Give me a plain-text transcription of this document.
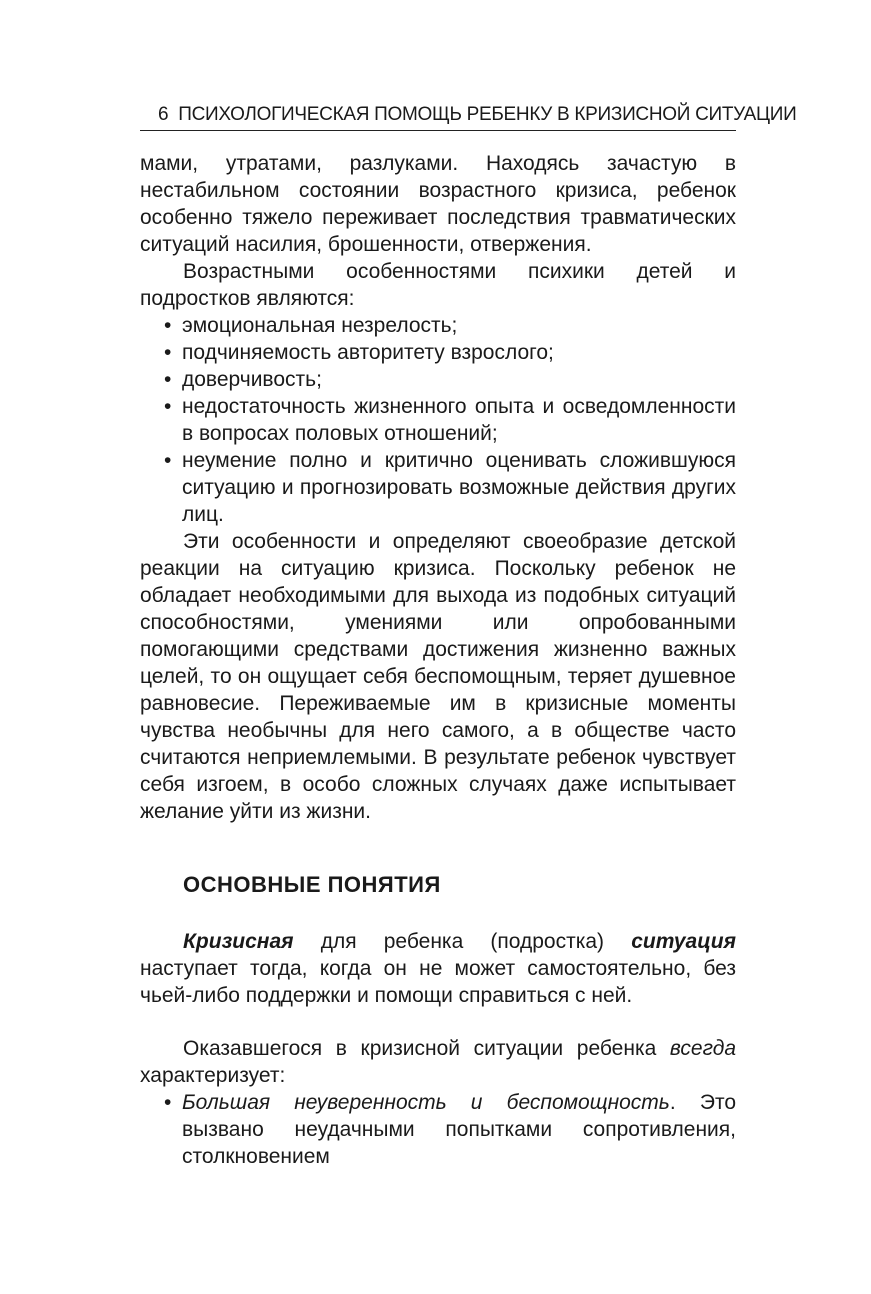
6 ПСИХОЛОГИЧЕСКАЯ ПОМОЩЬ РЕБЕНКУ В КРИЗИСНОЙ СИТУАЦИИ

мами, утратами, разлуками. Находясь зачастую в нестабильном состоянии возрастного кризиса, ребенок особенно тяжело переживает последствия травматических ситуаций насилия, брошенности, отвержения.

Возрастными особенностями психики детей и подростков являются:

• эмоциональная незрелость;
• подчиняемость авторитету взрослого;
• доверчивость;
• недостаточность жизненного опыта и осведомленности в вопросах половых отношений;
• неумение полно и критично оценивать сложившуюся ситуацию и прогнозировать возможные действия других лиц.

Эти особенности и определяют своеобразие детской реакции на ситуацию кризиса. Поскольку ребенок не обладает необходимыми для выхода из подобных ситуаций способностями, умениями или опробованными помогающими средствами достижения жизненно важных целей, то он ощущает себя беспомощным, теряет душевное равновесие. Переживаемые им в кризисные моменты чувства необычны для него самого, а в обществе часто считаются неприемлемыми. В результате ребенок чувствует себя изгоем, в особо сложных случаях даже испытывает желание уйти из жизни.

ОСНОВНЫЕ ПОНЯТИЯ

Кризисная для ребенка (подростка) ситуация наступает тогда, когда он не может самостоятельно, без чьей-либо поддержки и помощи справиться с ней.

Оказавшегося в кризисной ситуации ребенка всегда характеризует:

• Большая неуверенность и беспомощность. Это вызвано неудачными попытками сопротивления, столкновением
